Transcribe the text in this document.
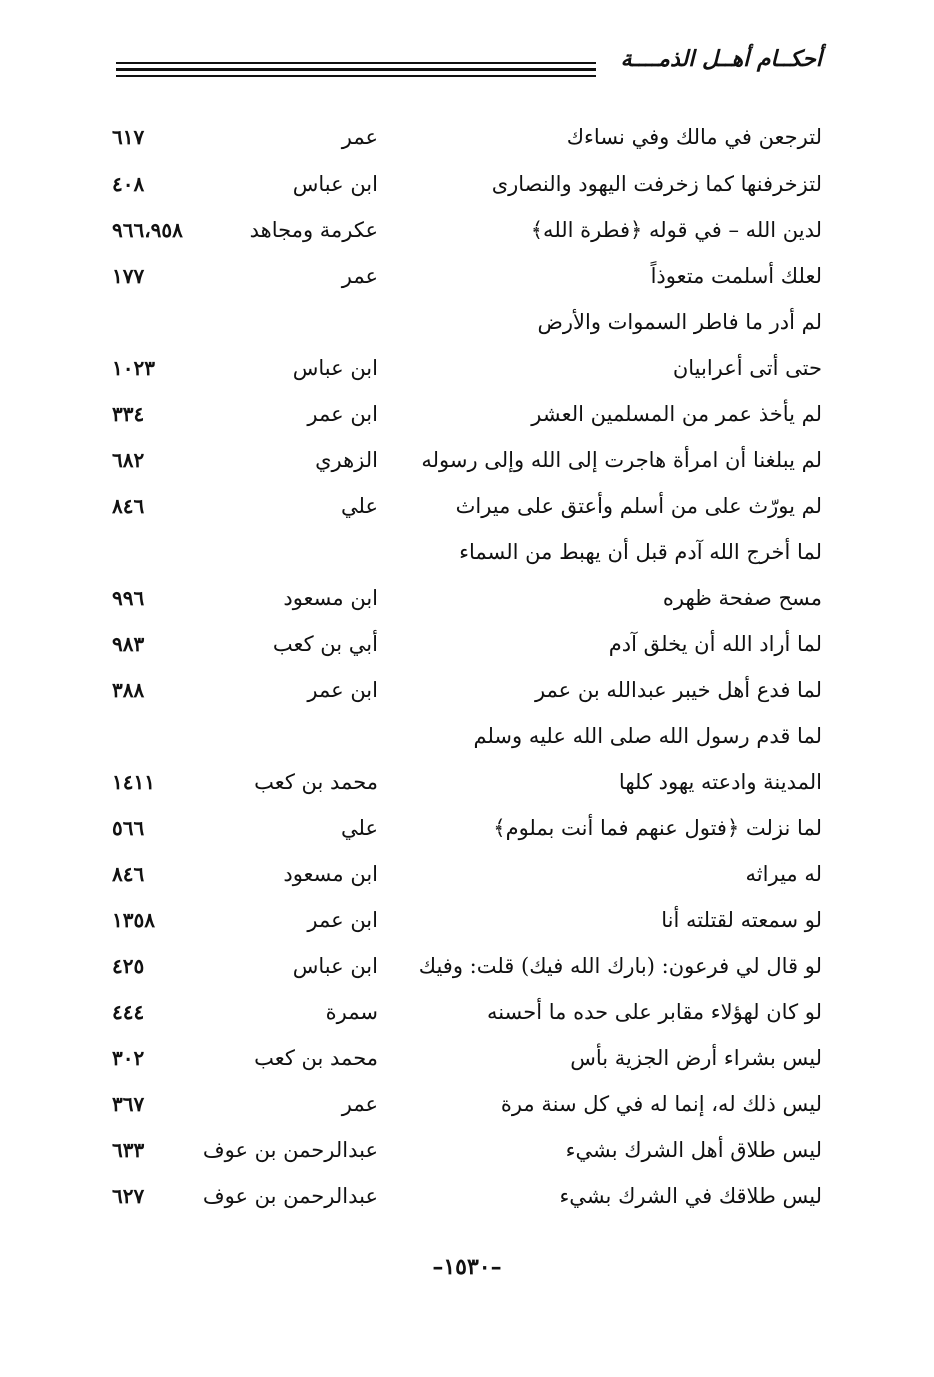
أحكــام أهــل الذمــــة
لترجعن في مالك وفي نساءك
عمر
٦١٧
لتزخرفنها كما زخرفت اليهود والنصارى
ابن عباس
٤٠٨
لدين الله – في قوله ﴿فطرة الله﴾
عكرمة ومجاهد
٩٦٦،٩٥٨
لعلك أسلمت متعوذاً
عمر
١٧٧
لم أدر ما فاطر السموات والأرض
حتى أتى أعرابيان
ابن عباس
١٠٢٣
لم يأخذ عمر من المسلمين العشر
ابن عمر
٣٣٤
لم يبلغنا أن امرأة هاجرت إلى الله وإلى رسوله
الزهري
٦٨٢
لم يورّث على من أسلم وأعتق على ميراث
علي
٨٤٦
لما أخرج الله آدم قبل أن يهبط من السماء
مسح صفحة ظهره
ابن مسعود
٩٩٦
لما أراد الله أن يخلق آدم
أبي بن كعب
٩٨٣
لما فدع أهل خيبر عبدالله بن عمر
ابن عمر
٣٨٨
لما قدم رسول الله صلى الله عليه وسلم
المدينة وادعته يهود كلها
محمد بن كعب
١٤١١
لما نزلت ﴿فتول عنهم فما أنت بملوم﴾
علي
٥٦٦
له ميراثه
ابن مسعود
٨٤٦
لو سمعته لقتلته أنا
ابن عمر
١٣٥٨
لو قال لي فرعون: (بارك الله فيك) قلت: وفيك
ابن عباس
٤٢٥
لو كان لهؤلاء مقابر على حده ما أحسنه
سمرة
٤٤٤
ليس بشراء أرض الجزية بأس
محمد بن كعب
٣٠٢
ليس ذلك له، إنما له في كل سنة مرة
عمر
٣٦٧
ليس طلاق أهل الشرك بشيء
عبدالرحمن بن عوف
٦٣٣
ليس طلاقك في الشرك بشيء
عبدالرحمن بن عوف
٦٢٧
–١٥٣٠–
